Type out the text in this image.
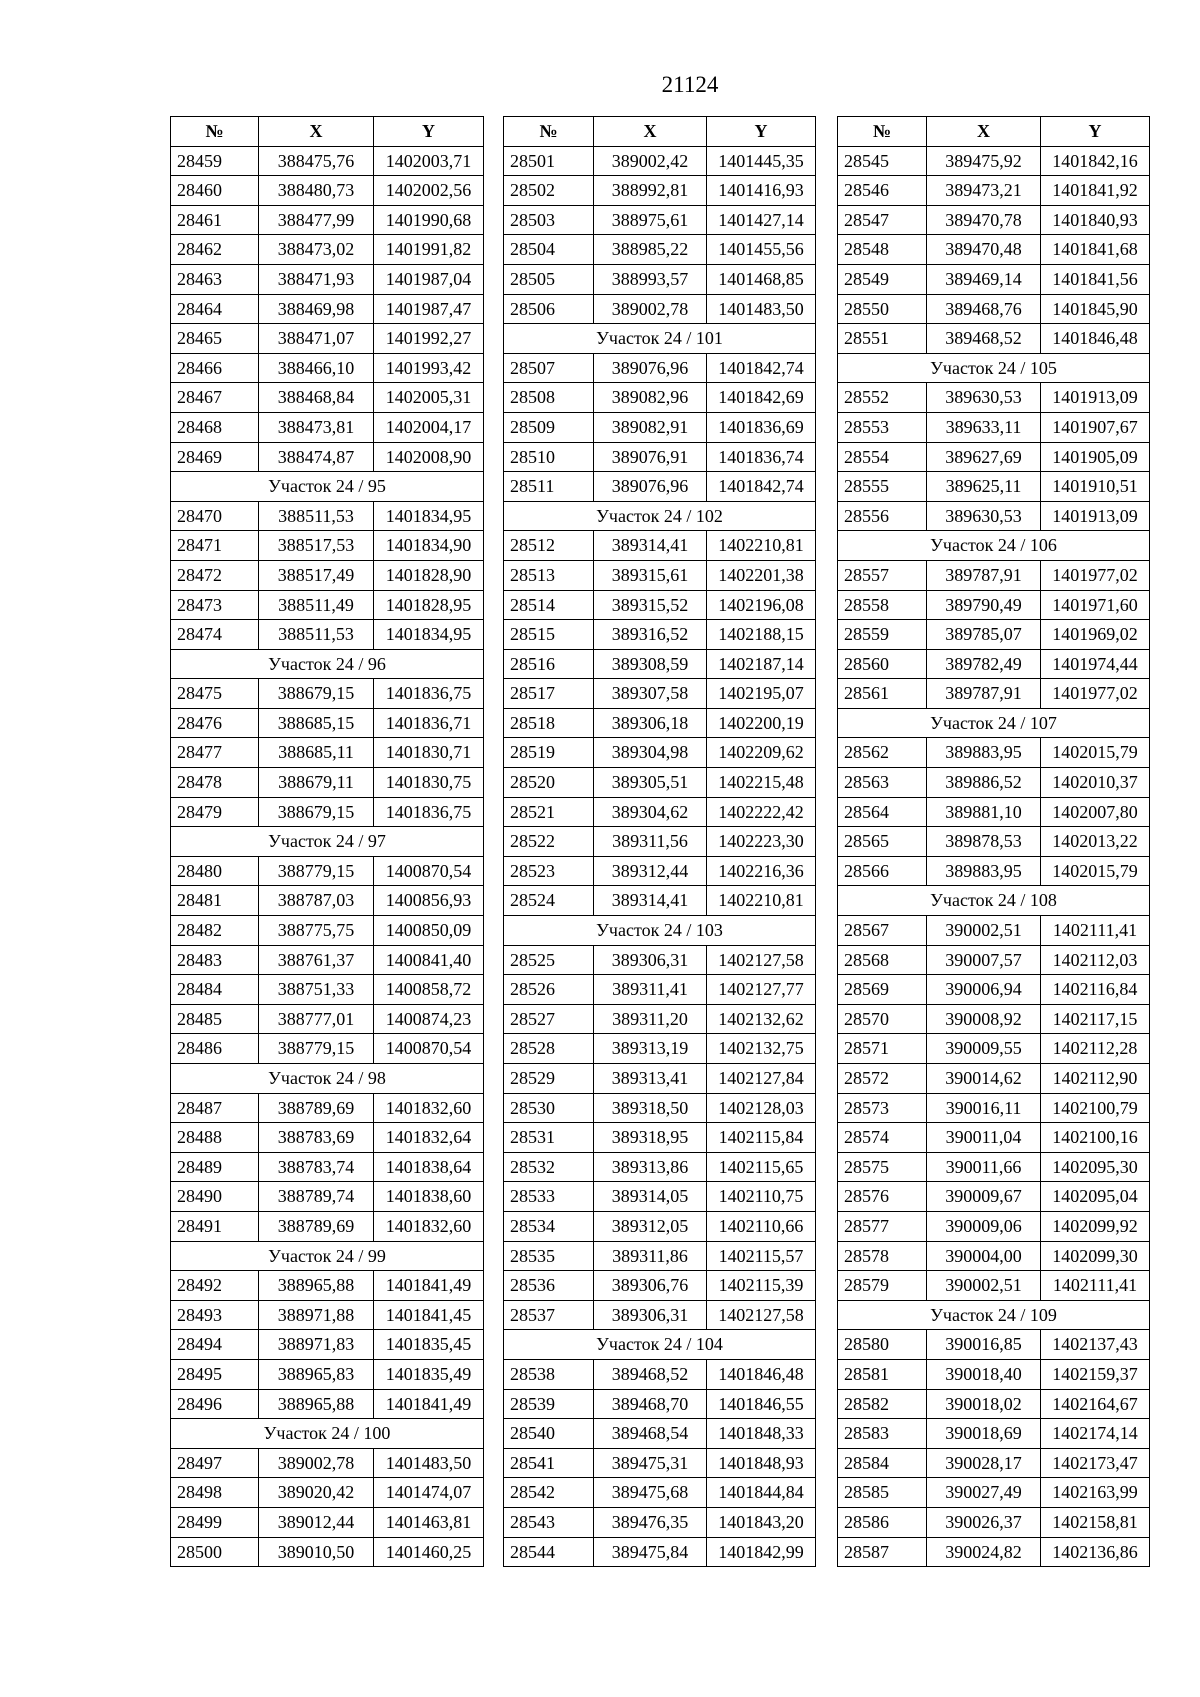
21124
№	X	Y
28459	388475,76	1402003,71
28460	388480,73	1402002,56
28461	388477,99	1401990,68
28462	388473,02	1401991,82
28463	388471,93	1401987,04
28464	388469,98	1401987,47
28465	388471,07	1401992,27
28466	388466,10	1401993,42
28467	388468,84	1402005,31
28468	388473,81	1402004,17
28469	388474,87	1402008,90
Участок 24 / 95		
28470	388511,53	1401834,95
28471	388517,53	1401834,90
28472	388517,49	1401828,90
28473	388511,49	1401828,95
28474	388511,53	1401834,95
Участок 24 / 96		
28475	388679,15	1401836,75
28476	388685,15	1401836,71
28477	388685,11	1401830,71
28478	388679,11	1401830,75
28479	388679,15	1401836,75
Участок 24 / 97		
28480	388779,15	1400870,54
28481	388787,03	1400856,93
28482	388775,75	1400850,09
28483	388761,37	1400841,40
28484	388751,33	1400858,72
28485	388777,01	1400874,23
28486	388779,15	1400870,54
Участок 24 / 98		
28487	388789,69	1401832,60
28488	388783,69	1401832,64
28489	388783,74	1401838,64
28490	388789,74	1401838,60
28491	388789,69	1401832,60
Участок 24 / 99		
28492	388965,88	1401841,49
28493	388971,88	1401841,45
28494	388971,83	1401835,45
28495	388965,83	1401835,49
28496	388965,88	1401841,49
Участок 24 / 100		
28497	389002,78	1401483,50
28498	389020,42	1401474,07
28499	389012,44	1401463,81
28500	389010,50	1401460,25
№	X	Y
28501	389002,42	1401445,35
28502	388992,81	1401416,93
28503	388975,61	1401427,14
28504	388985,22	1401455,56
28505	388993,57	1401468,85
28506	389002,78	1401483,50
Участок 24 / 101		
28507	389076,96	1401842,74
28508	389082,96	1401842,69
28509	389082,91	1401836,69
28510	389076,91	1401836,74
28511	389076,96	1401842,74
Участок 24 / 102		
28512	389314,41	1402210,81
28513	389315,61	1402201,38
28514	389315,52	1402196,08
28515	389316,52	1402188,15
28516	389308,59	1402187,14
28517	389307,58	1402195,07
28518	389306,18	1402200,19
28519	389304,98	1402209,62
28520	389305,51	1402215,48
28521	389304,62	1402222,42
28522	389311,56	1402223,30
28523	389312,44	1402216,36
28524	389314,41	1402210,81
Участок 24 / 103		
28525	389306,31	1402127,58
28526	389311,41	1402127,77
28527	389311,20	1402132,62
28528	389313,19	1402132,75
28529	389313,41	1402127,84
28530	389318,50	1402128,03
28531	389318,95	1402115,84
28532	389313,86	1402115,65
28533	389314,05	1402110,75
28534	389312,05	1402110,66
28535	389311,86	1402115,57
28536	389306,76	1402115,39
28537	389306,31	1402127,58
Участок 24 / 104		
28538	389468,52	1401846,48
28539	389468,70	1401846,55
28540	389468,54	1401848,33
28541	389475,31	1401848,93
28542	389475,68	1401844,84
28543	389476,35	1401843,20
28544	389475,84	1401842,99
№	X	Y
28545	389475,92	1401842,16
28546	389473,21	1401841,92
28547	389470,78	1401840,93
28548	389470,48	1401841,68
28549	389469,14	1401841,56
28550	389468,76	1401845,90
28551	389468,52	1401846,48
Участок 24 / 105		
28552	389630,53	1401913,09
28553	389633,11	1401907,67
28554	389627,69	1401905,09
28555	389625,11	1401910,51
28556	389630,53	1401913,09
Участок 24 / 106		
28557	389787,91	1401977,02
28558	389790,49	1401971,60
28559	389785,07	1401969,02
28560	389782,49	1401974,44
28561	389787,91	1401977,02
Участок 24 / 107		
28562	389883,95	1402015,79
28563	389886,52	1402010,37
28564	389881,10	1402007,80
28565	389878,53	1402013,22
28566	389883,95	1402015,79
Участок 24 / 108		
28567	390002,51	1402111,41
28568	390007,57	1402112,03
28569	390006,94	1402116,84
28570	390008,92	1402117,15
28571	390009,55	1402112,28
28572	390014,62	1402112,90
28573	390016,11	1402100,79
28574	390011,04	1402100,16
28575	390011,66	1402095,30
28576	390009,67	1402095,04
28577	390009,06	1402099,92
28578	390004,00	1402099,30
28579	390002,51	1402111,41
Участок 24 / 109		
28580	390016,85	1402137,43
28581	390018,40	1402159,37
28582	390018,02	1402164,67
28583	390018,69	1402174,14
28584	390028,17	1402173,47
28585	390027,49	1402163,99
28586	390026,37	1402158,81
28587	390024,82	1402136,86
